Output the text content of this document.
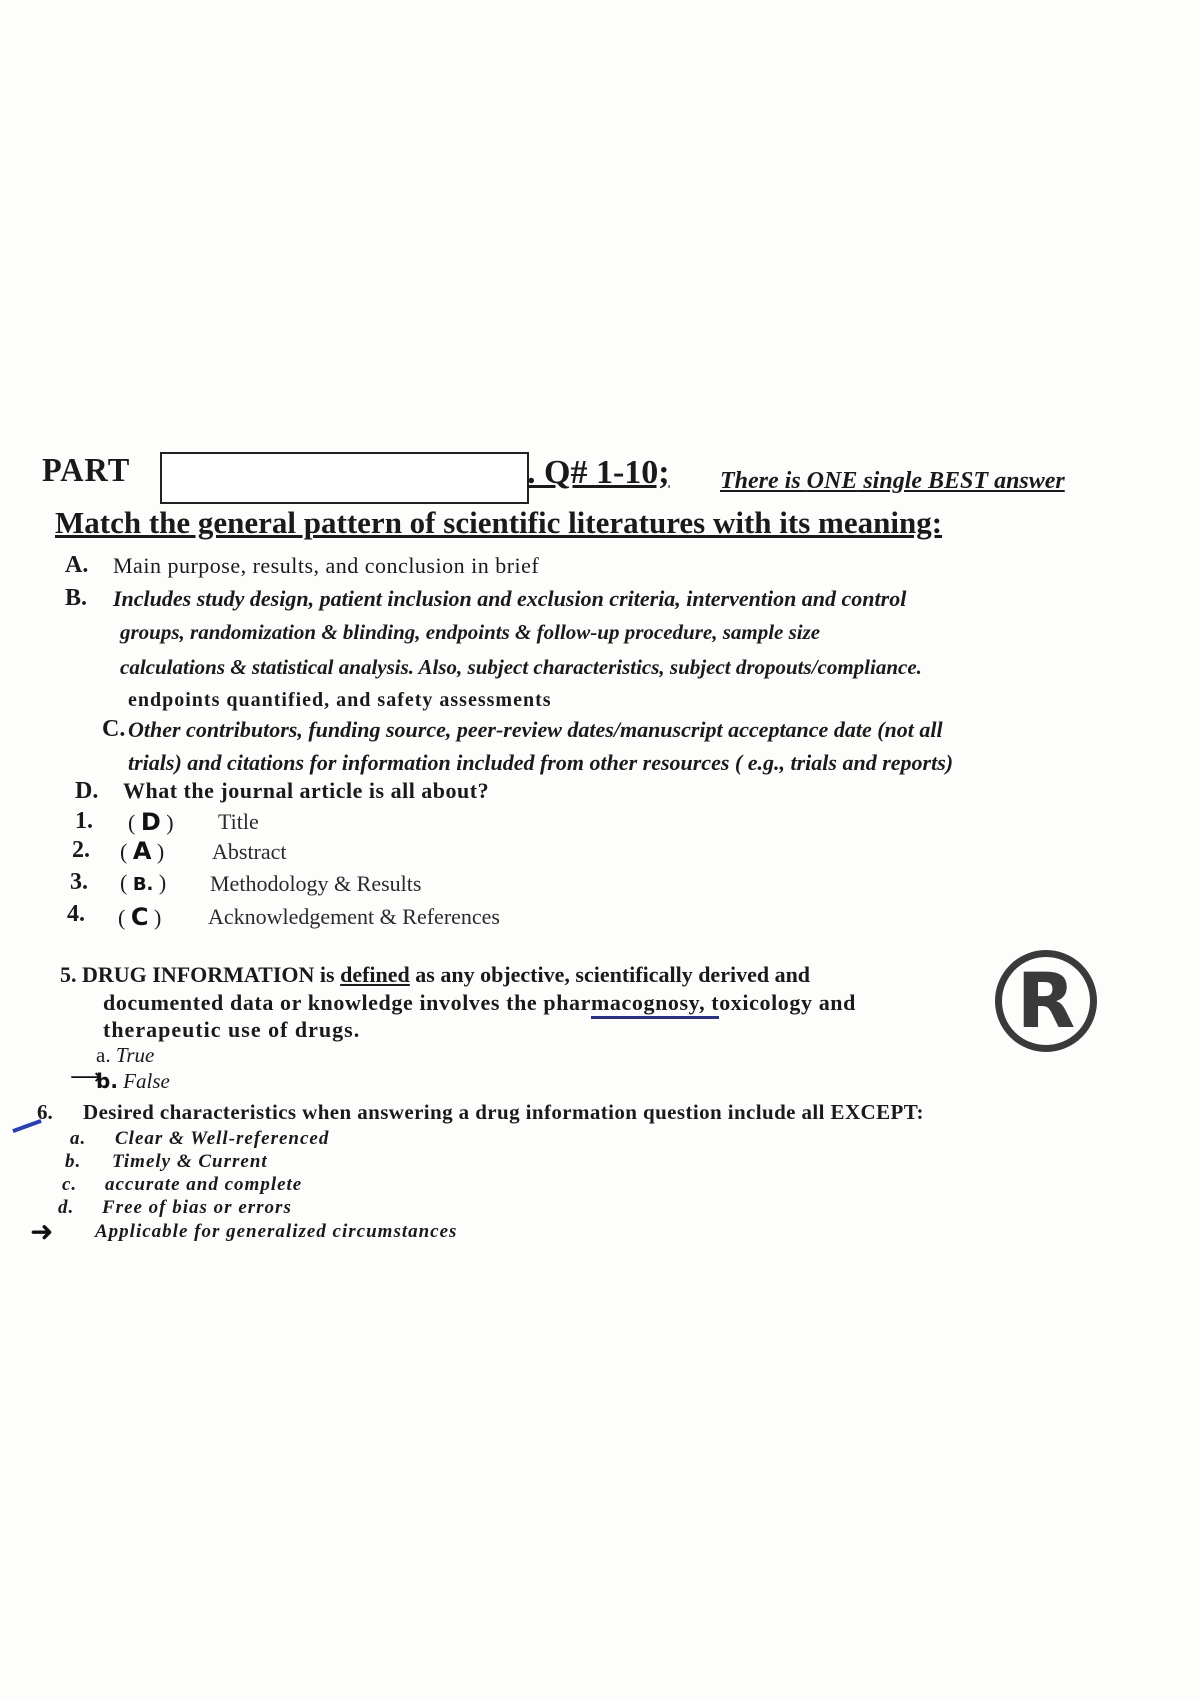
PART	. Q# 1-10; There is ONE single BEST answer
Match the general pattern of scientific literatures with its meaning:
A. Main purpose, results, and conclusion in brief
B. Includes study design, patient inclusion and exclusion criteria, intervention and control
groups, randomization & blinding, endpoints & follow-up procedure, sample size
calculations & statistical analysis. Also, subject characteristics, subject dropouts/compliance.
endpoints quantified, and safety assessments
C. Other contributors, funding source, peer-review dates/manuscript acceptance date (not all
trials) and citations for information included from other resources ( e.g., trials and reports)
D. What the journal article is all about?
1. ( D ) Title
2. ( A ) Abstract
3. ( B. ) Methodology & Results
4. ( C ) Acknowledgement & References
5. DRUG INFORMATION is defined as any objective, scientifically derived and
documented data or knowledge involves the pharmacognosy, toxicology and
therapeutic use of drugs.
a. True
⟶
b. False
R
6. Desired characteristics when answering a drug information question include all EXCEPT:
a. Clear & Well-referenced
b. Timely & Current
c. accurate and complete
d. Free of bias or errors
➜ Applicable for generalized circumstances
